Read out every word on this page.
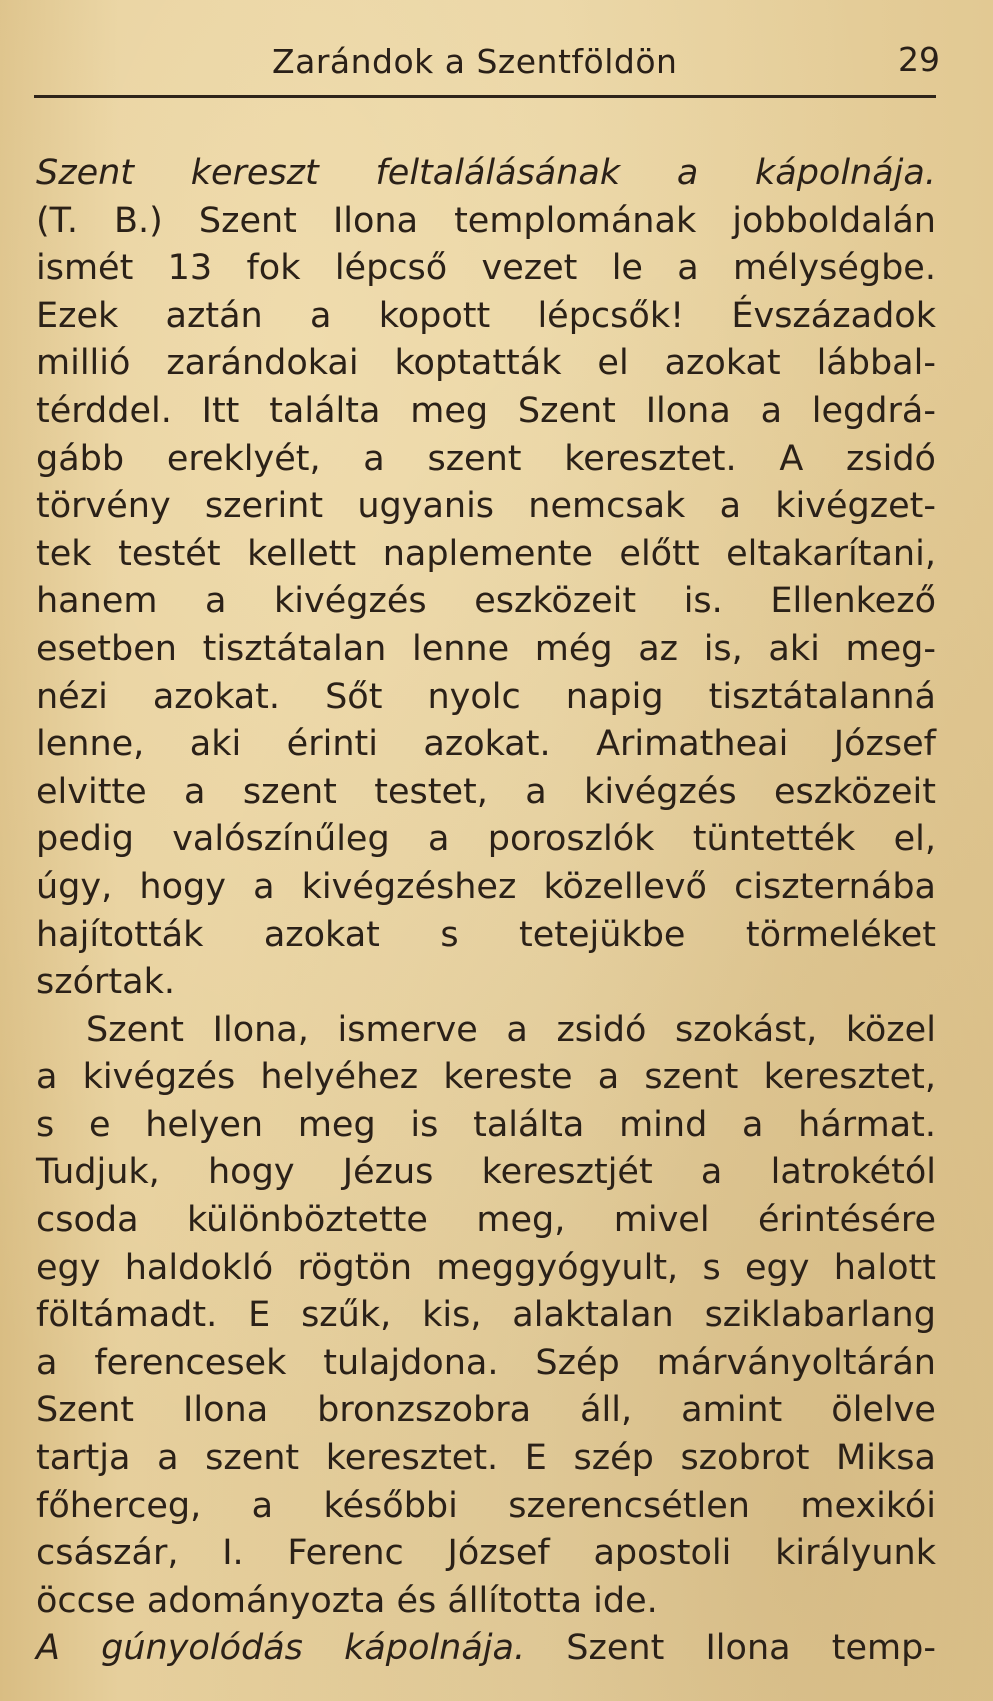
Zarándok a Szentföldön	29
Szent kereszt feltalálásának a kápolnája.
(T. B.) Szent Ilona templomának jobboldalán
ismét 13 fok lépcső vezet le a mélységbe.
Ezek aztán a kopott lépcsők! Évszázadok
millió zarándokai koptatták el azokat lábbal-
térddel. Itt találta meg Szent Ilona a legdrá-
gább ereklyét, a szent keresztet. A zsidó
törvény szerint ugyanis nemcsak a kivégzet-
tek testét kellett naplemente előtt eltakarítani,
hanem a kivégzés eszközeit is. Ellenkező
esetben tisztátalan lenne még az is, aki meg-
nézi azokat. Sőt nyolc napig tisztátalanná
lenne, aki érinti azokat. Arimatheai József
elvitte a szent testet, a kivégzés eszközeit
pedig valószínűleg a poroszlók tüntették el,
úgy, hogy a kivégzéshez közellevő ciszternába
hajították azokat s tetejükbe törmeléket
szórtak.
Szent Ilona, ismerve a zsidó szokást, közel
a kivégzés helyéhez kereste a szent keresztet,
s e helyen meg is találta mind a hármat.
Tudjuk, hogy Jézus keresztjét a latrokétól
csoda különböztette meg, mivel érintésére
egy haldokló rögtön meggyógyult, s egy halott
föltámadt. E szűk, kis, alaktalan sziklabarlang
a ferencesek tulajdona. Szép márványoltárán
Szent Ilona bronzszobra áll, amint ölelve
tartja a szent keresztet. E szép szobrot Miksa
főherceg, a későbbi szerencsétlen mexikói
császár, I. Ferenc József apostoli királyunk
öccse
adományozta
és
állította
ide.
A gúnyolódás kápolnája. Szent Ilona temp-
